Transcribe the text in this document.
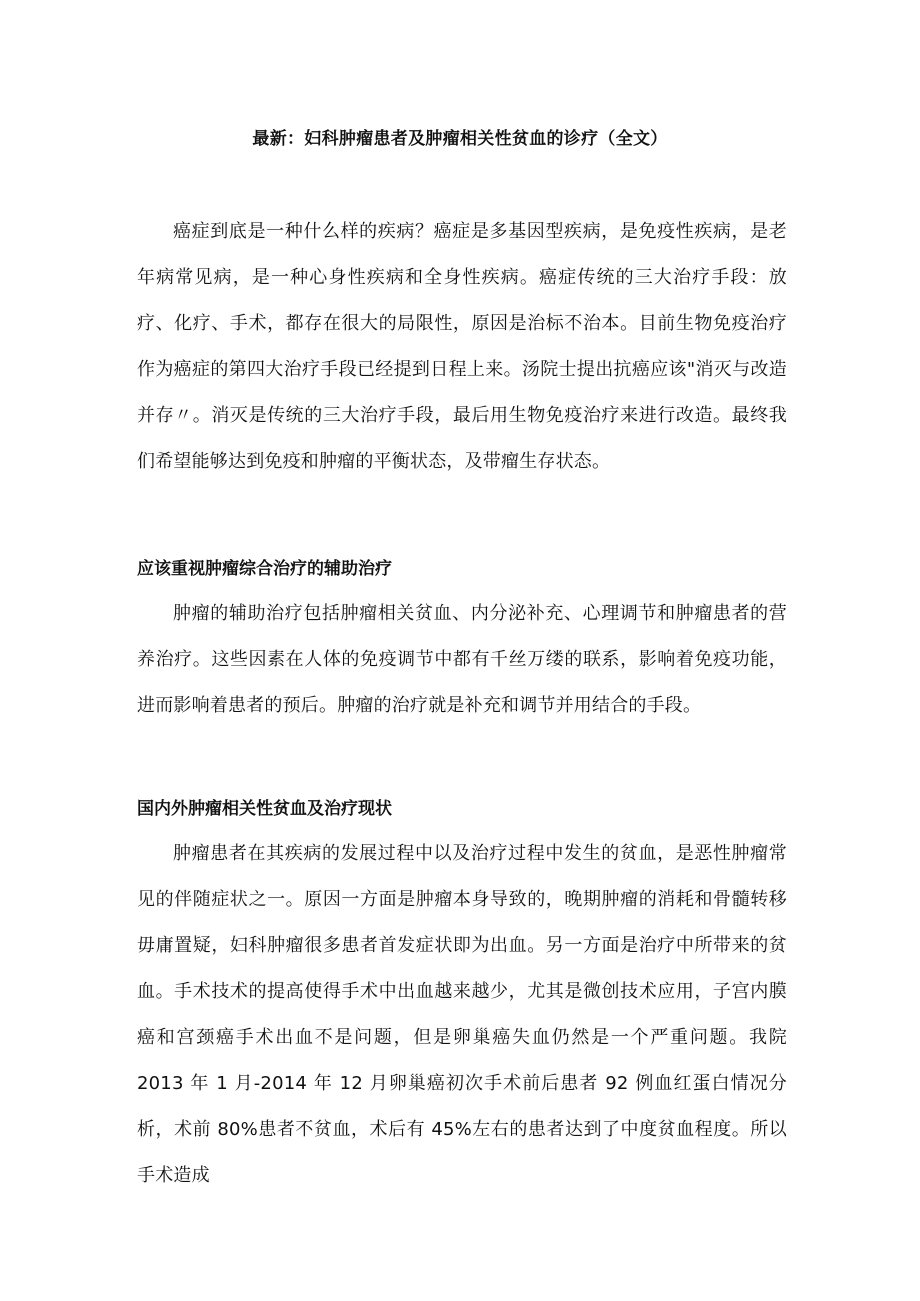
最新：妇科肿瘤患者及肿瘤相关性贫血的诊疗（全文）

癌症到底是一种什么样的疾病？癌症是多基因型疾病，是免疫性疾病，是老年病常见病，是一种心身性疾病和全身性疾病。癌症传统的三大治疗手段：放疗、化疗、手术，都存在很大的局限性，原因是治标不治本。目前生物免疫治疗作为癌症的第四大治疗手段已经提到日程上来。汤院士提出抗癌应该"消灭与改造并存〃。消灭是传统的三大治疗手段，最后用生物免疫治疗来进行改造。最终我们希望能够达到免疫和肿瘤的平衡状态，及带瘤生存状态。

应该重视肿瘤综合治疗的辅助治疗

肿瘤的辅助治疗包括肿瘤相关贫血、内分泌补充、心理调节和肿瘤患者的营养治疗。这些因素在人体的免疫调节中都有千丝万缕的联系，影响着免疫功能，进而影响着患者的预后。肿瘤的治疗就是补充和调节并用结合的手段。

国内外肿瘤相关性贫血及治疗现状

肿瘤患者在其疾病的发展过程中以及治疗过程中发生的贫血，是恶性肿瘤常见的伴随症状之一。原因一方面是肿瘤本身导致的，晚期肿瘤的消耗和骨髓转移毋庸置疑，妇科肿瘤很多患者首发症状即为出血。另一方面是治疗中所带来的贫血。手术技术的提高使得手术中出血越来越少，尤其是微创技术应用，子宫内膜癌和宫颈癌手术出血不是问题，但是卵巢癌失血仍然是一个严重问题。我院 2013 年 1 月-2014 年 12 月卵巢癌初次手术前后患者 92 例血红蛋白情况分析，术前 80%患者不贫血，术后有 45%左右的患者达到了中度贫血程度。所以手术造成
